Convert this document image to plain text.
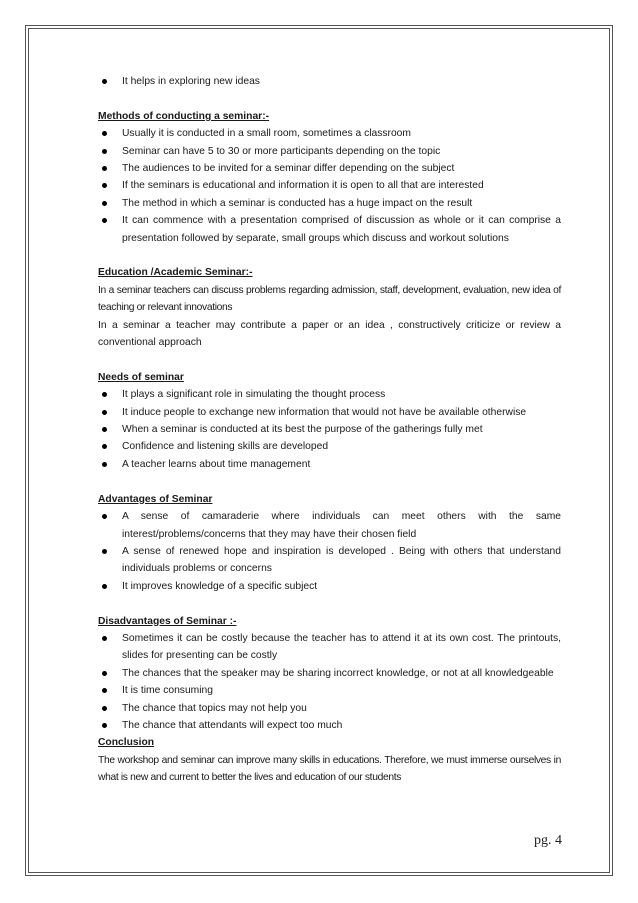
It helps in exploring new ideas

Methods of conducting a seminar:-

Usually it is conducted in a small room, sometimes a classroom
Seminar can have 5 to 30 or more participants depending on the topic
The audiences to be invited for a seminar differ depending on the subject
If the seminars is educational and information it is open to all that are interested
The method in which a seminar is conducted has a huge impact on the result
It can commence with a presentation comprised of discussion as whole or it can comprise a presentation followed by separate, small groups which discuss and workout solutions

Education /Academic Seminar:-

In a seminar teachers can discuss problems regarding admission, staff, development, evaluation, new idea of teaching or relevant innovations

In a seminar a teacher may contribute a paper or an idea , constructively criticize or review a conventional approach

Needs of seminar

It plays a significant role in simulating the thought process
It induce people to exchange new information that would not have be available otherwise
When a seminar is conducted at its best the purpose of the gatherings fully met
Confidence and listening skills are developed
A teacher learns about time management

Advantages of Seminar

A sense of camaraderie where individuals can meet others with the same interest/problems/concerns that they may have their chosen field
A sense of renewed hope and inspiration is developed . Being with others that understand individuals problems or concerns
It improves knowledge of a specific subject

Disadvantages of Seminar :-

Sometimes it can be costly because the teacher has to attend it at its own cost. The printouts, slides for presenting can be costly
The chances that the speaker may be sharing incorrect knowledge, or not at all knowledgeable
It is time consuming
The chance that topics may not help you
The chance that attendants will expect too much

Conclusion

The workshop and seminar can improve many skills in educations. Therefore, we must immerse ourselves in what is new and current to better the lives and education of our students

pg. 4
